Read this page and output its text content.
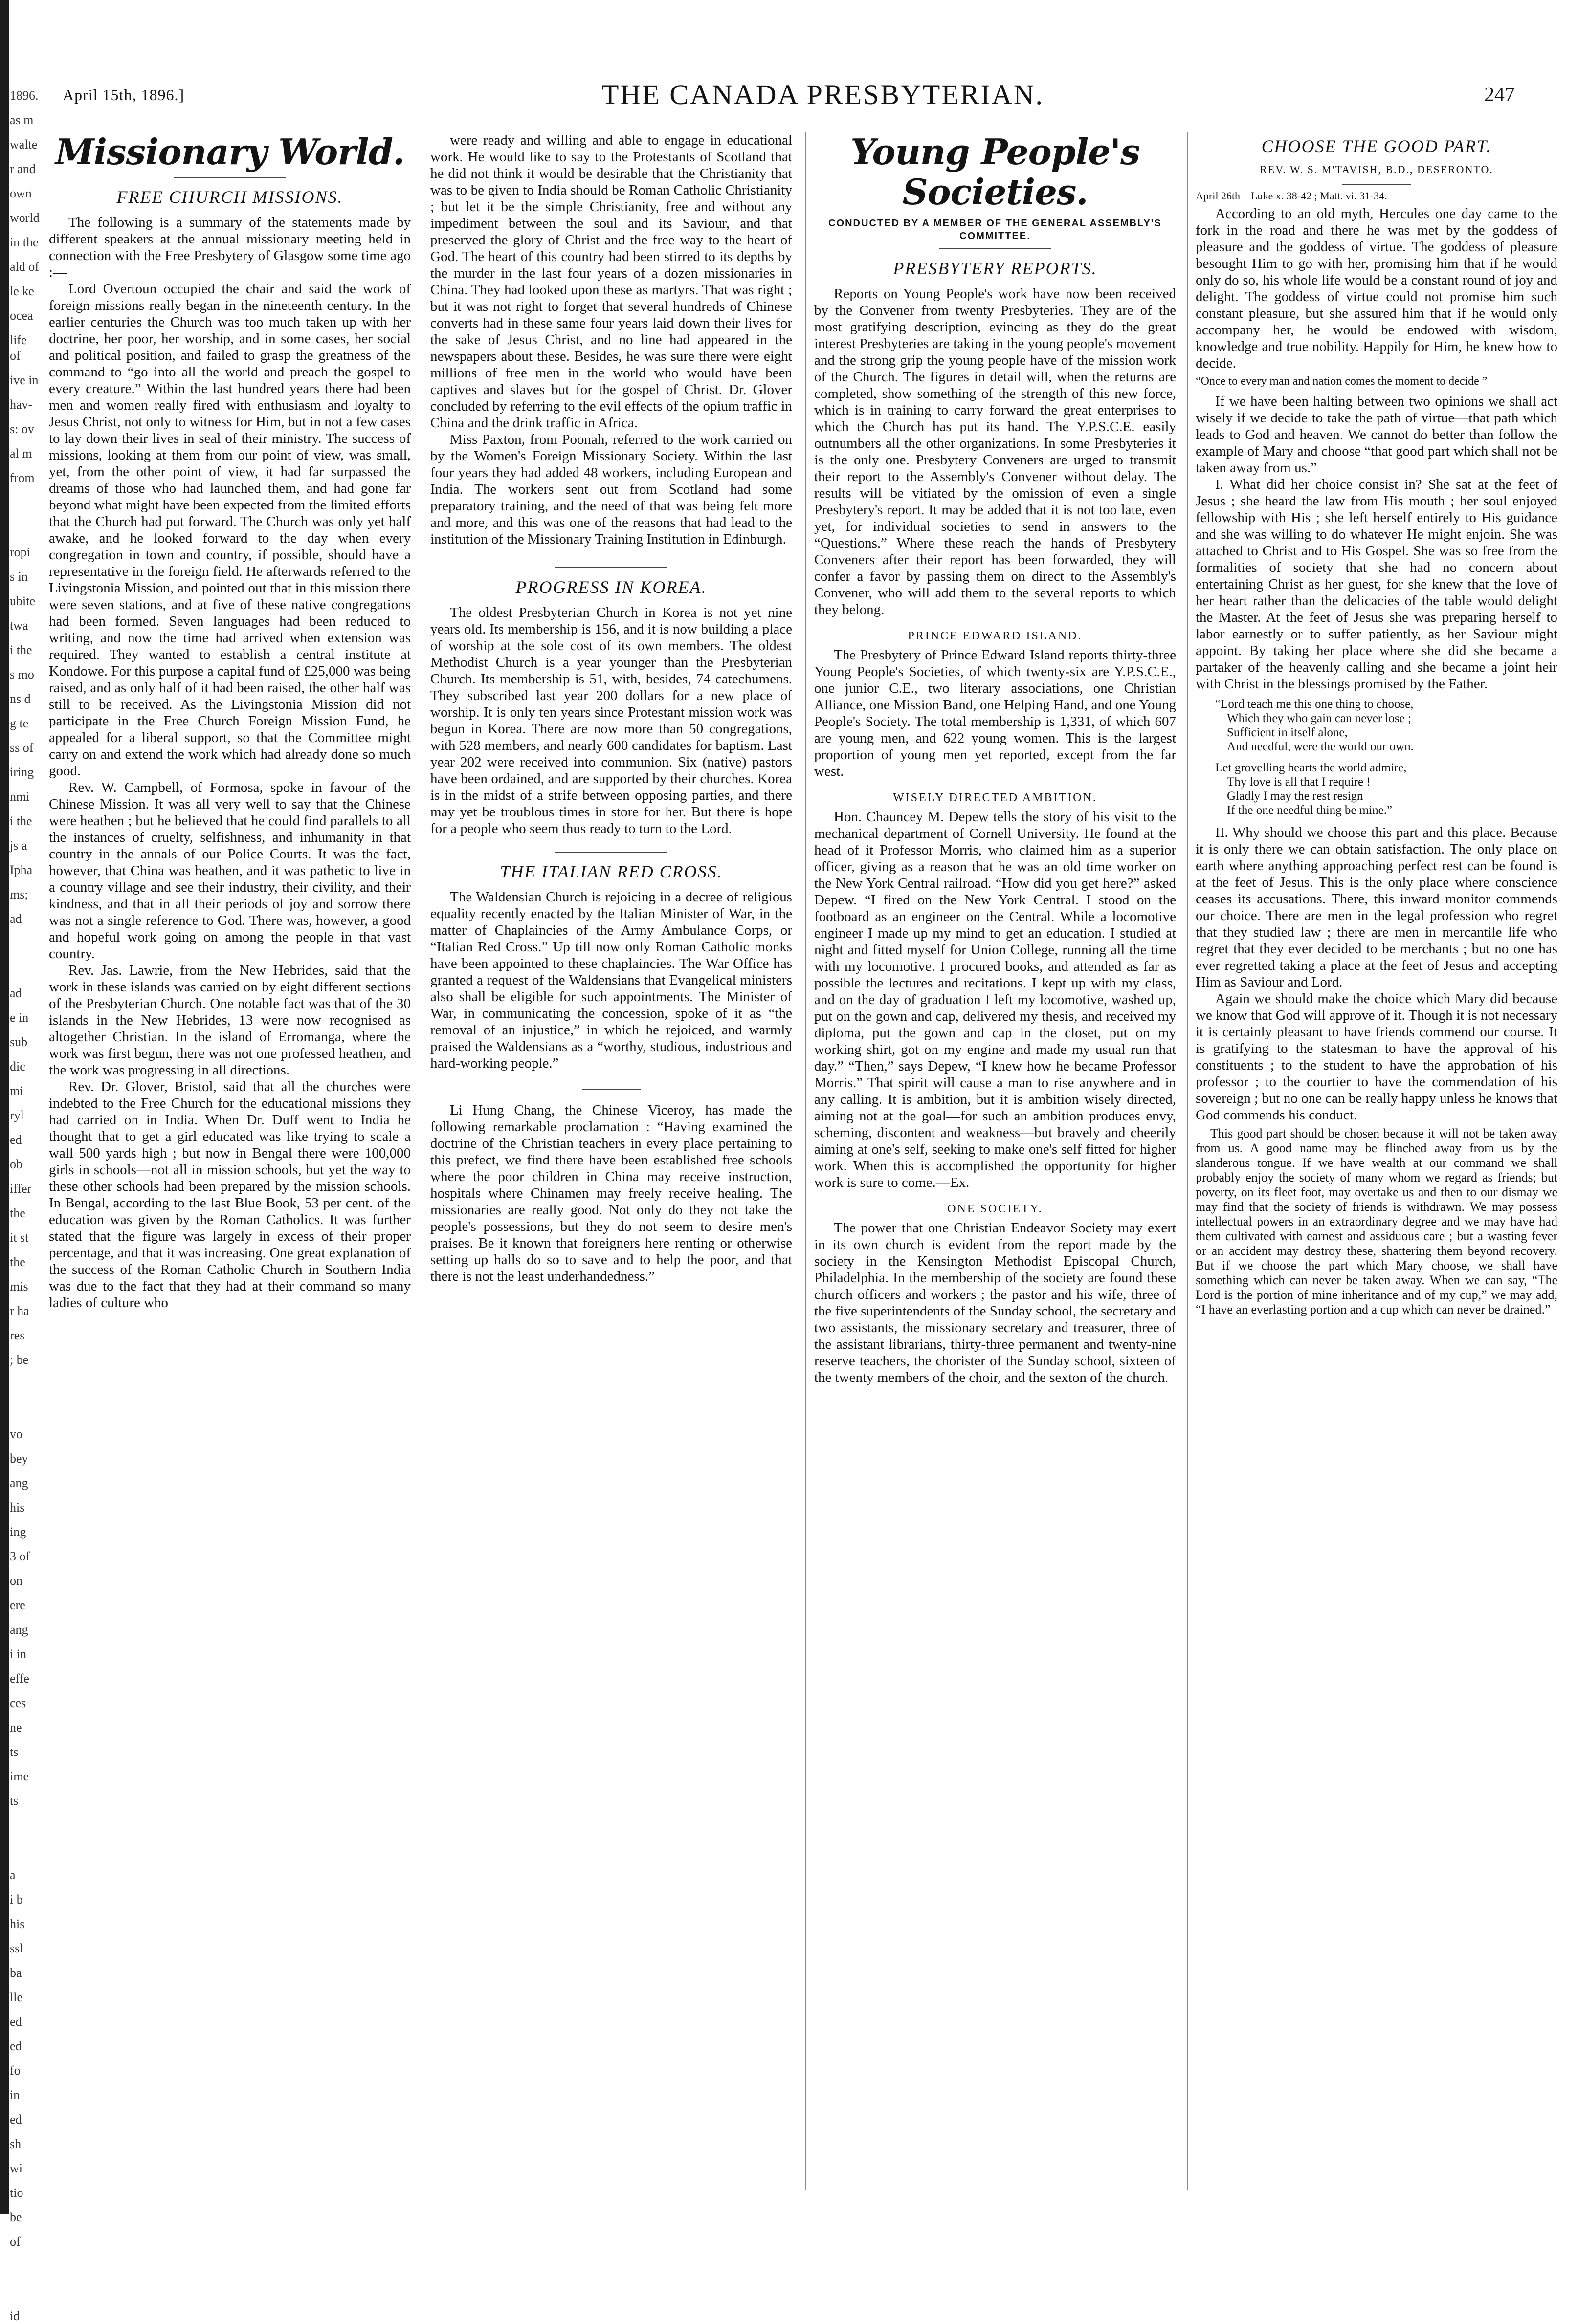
1896.
as m
walte
r and
own
world
in the
ald of
le ke
ocea
life of
ive in
hav-
s: ov
al m
from
ropi
s in
ubite
twa
i the
s mo
ns d
g te
ss of
iring
nmi
i the
js a
Ipha
ms;
ad
ad
e in
sub
dic
mi
ryl
ed
ob
iffer
the
it st
the
mis
r ha
res
; be
vo
bey
ang
his
ing
3 of
on
ere
ang
i in
effe
ces
ne
ts
ime
ts
a
i b
his
ssl
ba
lle
ed
ed
fo
in
ed
sh
wi
tio
be
of
id
April 15th, 1896.]	THE CANADA PRESBYTERIAN.	247
Missionary World.
FREE CHURCH MISSIONS.

The following is a summary of the statements made by different speakers at the annual missionary meeting held in connection with the Free Presbytery of Glasgow some time ago :—

Lord Overtoun occupied the chair and said the work of foreign missions really began in the nineteenth century. In the earlier centuries the Church was too much taken up with her doctrine, her poor, her worship, and in some cases, her social and political position, and failed to grasp the greatness of the command to “go into all the world and preach the gospel to every creature.” Within the last hundred years there had been men and women really fired with enthusiasm and loyalty to Jesus Christ, not only to witness for Him, but in not a few cases to lay down their lives in seal of their ministry. The success of missions, looking at them from our point of view, was small, yet, from the other point of view, it had far surpassed the dreams of those who had launched them, and had gone far beyond what might have been expected from the limited efforts that the Church had put forward. The Church was only yet half awake, and he looked forward to the day when every congregation in town and country, if possible, should have a representative in the foreign field. He afterwards referred to the Livingstonia Mission, and pointed out that in this mission there were seven stations, and at five of these native congregations had been formed. Seven languages had been reduced to writing, and now the time had arrived when extension was required. They wanted to establish a central institute at Kondowe. For this purpose a capital fund of £25,000 was being raised, and as only half of it had been raised, the other half was still to be received. As the Livingstonia Mission did not participate in the Free Church Foreign Mission Fund, he appealed for a liberal support, so that the Committee might carry on and extend the work which had already done so much good.

Rev. W. Campbell, of Formosa, spoke in favour of the Chinese Mission. It was all very well to say that the Chinese were heathen ; but he believed that he could find parallels to all the instances of cruelty, selfishness, and inhumanity in that country in the annals of our Police Courts. It was the fact, however, that China was heathen, and it was pathetic to live in a country village and see their industry, their civility, and their kindness, and that in all their periods of joy and sorrow there was not a single reference to God. There was, however, a good and hopeful work going on among the people in that vast country.

Rev. Jas. Lawrie, from the New Hebrides, said that the work in these islands was carried on by eight different sections of the Presbyterian Church. One notable fact was that of the 30 islands in the New Hebrides, 13 were now recognised as altogether Christian. In the island of Erromanga, where the work was first begun, there was not one professed heathen, and the work was progressing in all directions.

Rev. Dr. Glover, Bristol, said that all the churches were indebted to the Free Church for the educational missions they had carried on in India. When Dr. Duff went to India he thought that to get a girl educated was like trying to scale a wall 500 yards high ; but now in Bengal there were 100,000 girls in schools—not all in mission schools, but yet the way to these other schools had been prepared by the mission schools. In Bengal, according to the last Blue Book, 53 per cent. of the education was given by the Roman Catholics. It was further stated that the figure was largely in excess of their proper percentage, and that it was increasing. One great explanation of the success of the Roman Catholic Church in Southern India was due to the fact that they had at their command so many ladies of culture who

were ready and willing and able to engage in educational work. He would like to say to the Protestants of Scotland that he did not think it would be desirable that the Christianity that was to be given to India should be Roman Catholic Christianity ; but let it be the simple Christianity, free and without any impediment between the soul and its Saviour, and that preserved the glory of Christ and the free way to the heart of God. The heart of this country had been stirred to its depths by the murder in the last four years of a dozen missionaries in China. They had looked upon these as martyrs. That was right ; but it was not right to forget that several hundreds of Chinese converts had in these same four years laid down their lives for the sake of Jesus Christ, and no line had appeared in the newspapers about these. Besides, he was sure there were eight millions of free men in the world who would have been captives and slaves but for the gospel of Christ. Dr. Glover concluded by referring to the evil effects of the opium traffic in China and the drink traffic in Africa.

Miss Paxton, from Poonah, referred to the work carried on by the Women's Foreign Missionary Society. Within the last four years they had added 48 workers, including European and India. The workers sent out from Scotland had some preparatory training, and the need of that was being felt more and more, and this was one of the reasons that had lead to the institution of the Missionary Training Institution in Edinburgh.

PROGRESS IN KOREA.

The oldest Presbyterian Church in Korea is not yet nine years old. Its membership is 156, and it is now building a place of worship at the sole cost of its own members. The oldest Methodist Church is a year younger than the Presbyterian Church. Its membership is 51, with, besides, 74 catechumens. They subscribed last year 200 dollars for a new place of worship. It is only ten years since Protestant mission work was begun in Korea. There are now more than 50 congregations, with 528 members, and nearly 600 candidates for baptism. Last year 202 were received into communion. Six (native) pastors have been ordained, and are supported by their churches. Korea is in the midst of a strife between opposing parties, and there may yet be troublous times in store for her. But there is hope for a people who seem thus ready to turn to the Lord.

THE ITALIAN RED CROSS.

The Waldensian Church is rejoicing in a decree of religious equality recently enacted by the Italian Minister of War, in the matter of Chaplaincies of the Army Ambulance Corps, or “Italian Red Cross.” Up till now only Roman Catholic monks have been appointed to these chaplaincies. The War Office has granted a request of the Waldensians that Evangelical ministers also shall be eligible for such appointments. The Minister of War, in communicating the concession, spoke of it as “the removal of an injustice,” in which he rejoiced, and warmly praised the Waldensians as a “worthy, studious, industrious and hard-working people.”

Li Hung Chang, the Chinese Viceroy, has made the following remarkable proclamation : “Having examined the doctrine of the Christian teachers in every place pertaining to this prefect, we find there have been established free schools where the poor children in China may receive instruction, hospitals where Chinamen may freely receive healing. The missionaries are really good. Not only do they not take the people's possessions, but they do not seem to desire men's praises. Be it known that foreigners here renting or otherwise setting up halls do so to save and to help the poor, and that there is not the least underhandedness.”

Young People's Societies.
CONDUCTED BY A MEMBER OF THE GENERAL ASSEMBLY'S COMMITTEE.
PRESBYTERY REPORTS.

Reports on Young People's work have now been received by the Convener from twenty Presbyteries. They are of the most gratifying description, evincing as they do the great interest Presbyteries are taking in the young people's movement and the strong grip the young people have of the mission work of the Church. The figures in detail will, when the returns are completed, show something of the strength of this new force, which is in training to carry forward the great enterprises to which the Church has put its hand. The Y.P.S.C.E. easily outnumbers all the other organizations. In some Presbyteries it is the only one. Presbytery Conveners are urged to transmit their report to the Assembly's Convener without delay. The results will be vitiated by the omission of even a single Presbytery's report. It may be added that it is not too late, even yet, for individual societies to send in answers to the “Questions.” Where these reach the hands of Presbytery Conveners after their report has been forwarded, they will confer a favor by passing them on direct to the Assembly's Convener, who will add them to the several reports to which they belong.

PRINCE EDWARD ISLAND.

The Presbytery of Prince Edward Island reports thirty-three Young People's Societies, of which twenty-six are Y.P.S.C.E., one junior C.E., two literary associations, one Christian Alliance, one Mission Band, one Helping Hand, and one Young People's Society. The total membership is 1,331, of which 607 are young men, and 622 young women. This is the largest proportion of young men yet reported, except from the far west.

WISELY DIRECTED AMBITION.

Hon. Chauncey M. Depew tells the story of his visit to the mechanical department of Cornell University. He found at the head of it Professor Morris, who claimed him as a superior officer, giving as a reason that he was an old time worker on the New York Central railroad. “How did you get here?” asked Depew. “I fired on the New York Central. I stood on the footboard as an engineer on the Central. While a locomotive engineer I made up my mind to get an education. I studied at night and fitted myself for Union College, running all the time with my locomotive. I procured books, and attended as far as possible the lectures and recitations. I kept up with my class, and on the day of graduation I left my locomotive, washed up, put on the gown and cap, delivered my thesis, and received my diploma, put the gown and cap in the closet, put on my working shirt, got on my engine and made my usual run that day.” “Then,” says Depew, “I knew how he became Professor Morris.” That spirit will cause a man to rise anywhere and in any calling. It is ambition, but it is ambition wisely directed, aiming not at the goal—for such an ambition produces envy, scheming, discontent and weakness—but bravely and cheerily aiming at one's self, seeking to make one's self fitted for higher work. When this is accomplished the opportunity for higher work is sure to come.—Ex.

ONE SOCIETY.

The power that one Christian Endeavor Society may exert in its own church is evident from the report made by the society in the Kensington Methodist Episcopal Church, Philadelphia. In the membership of the society are found these church officers and workers ; the pastor and his wife, three of the five superintendents of the Sunday school, the secretary and two assistants, the missionary secretary and treasurer, three of the assistant librarians, thirty-three permanent and twenty-nine reserve teachers, the chorister of the Sunday school, sixteen of the twenty members of the choir, and the sexton of the church.

CHOOSE THE GOOD PART.
REV. W. S. M'TAVISH, B.D., DESERONTO.
April 26th—Luke x. 38-42 ; Matt. vi. 31-34.

According to an old myth, Hercules one day came to the fork in the road and there he was met by the goddess of pleasure and the goddess of virtue. The goddess of pleasure besought Him to go with her, promising him that if he would only do so, his whole life would be a constant round of joy and delight. The goddess of virtue could not promise him such constant pleasure, but she assured him that if he would only accompany her, he would be endowed with wisdom, knowledge and true nobility. Happily for Him, he knew how to decide.

“Once to every man and nation comes the moment to decide ”

If we have been halting between two opinions we shall act wisely if we decide to take the path of virtue—that path which leads to God and heaven. We cannot do better than follow the example of Mary and choose “that good part which shall not be taken away from us.”

I. What did her choice consist in? She sat at the feet of Jesus ; she heard the law from His mouth ; her soul enjoyed fellowship with His ; she left herself entirely to His guidance and she was willing to do whatever He might enjoin. She was attached to Christ and to His Gospel. She was so free from the formalities of society that she had no concern about entertaining Christ as her guest, for she knew that the love of her heart rather than the delicacies of the table would delight the Master. At the feet of Jesus she was preparing herself to labor earnestly or to suffer patiently, as her Saviour might appoint. By taking her place where she did she became a partaker of the heavenly calling and she became a joint heir with Christ in the blessings promised by the Father.

“Lord teach me this one thing to choose,
Which they who gain can never lose ;
Sufficient in itself alone,
And needful, were the world our own.
Let grovelling hearts the world admire,
Thy love is all that I require !
Gladly I may the rest resign
If the one needful thing be mine.”

II. Why should we choose this part and this place. Because it is only there we can obtain satisfaction. The only place on earth where anything approaching perfect rest can be found is at the feet of Jesus. This is the only place where conscience ceases its accusations. There, this inward monitor commends our choice. There are men in the legal profession who regret that they studied law ; there are men in mercantile life who regret that they ever decided to be merchants ; but no one has ever regretted taking a place at the feet of Jesus and accepting Him as Saviour and Lord.

Again we should make the choice which Mary did because we know that God will approve of it. Though it is not necessary it is certainly pleasant to have friends commend our course. It is gratifying to the statesman to have the approval of his constituents ; to the student to have the approbation of his professor ; to the courtier to have the commendation of his sovereign ; but no one can be really happy unless he knows that God commends his conduct.

This good part should be chosen because it will not be taken away from us. A good name may be flinched away from us by the slanderous tongue. If we have wealth at our command we shall probably enjoy the society of many whom we regard as friends; but poverty, on its fleet foot, may overtake us and then to our dismay we may find that the society of friends is withdrawn. We may possess intellectual powers in an extraordinary degree and we may have had them cultivated with earnest and assiduous care ; but a wasting fever or an accident may destroy these, shattering them beyond recovery. But if we choose the part which Mary choose, we shall have something which can never be taken away. When we can say, “The Lord is the portion of mine inheritance and of my cup,” we may add, “I have an everlasting portion and a cup which can never be drained.”
